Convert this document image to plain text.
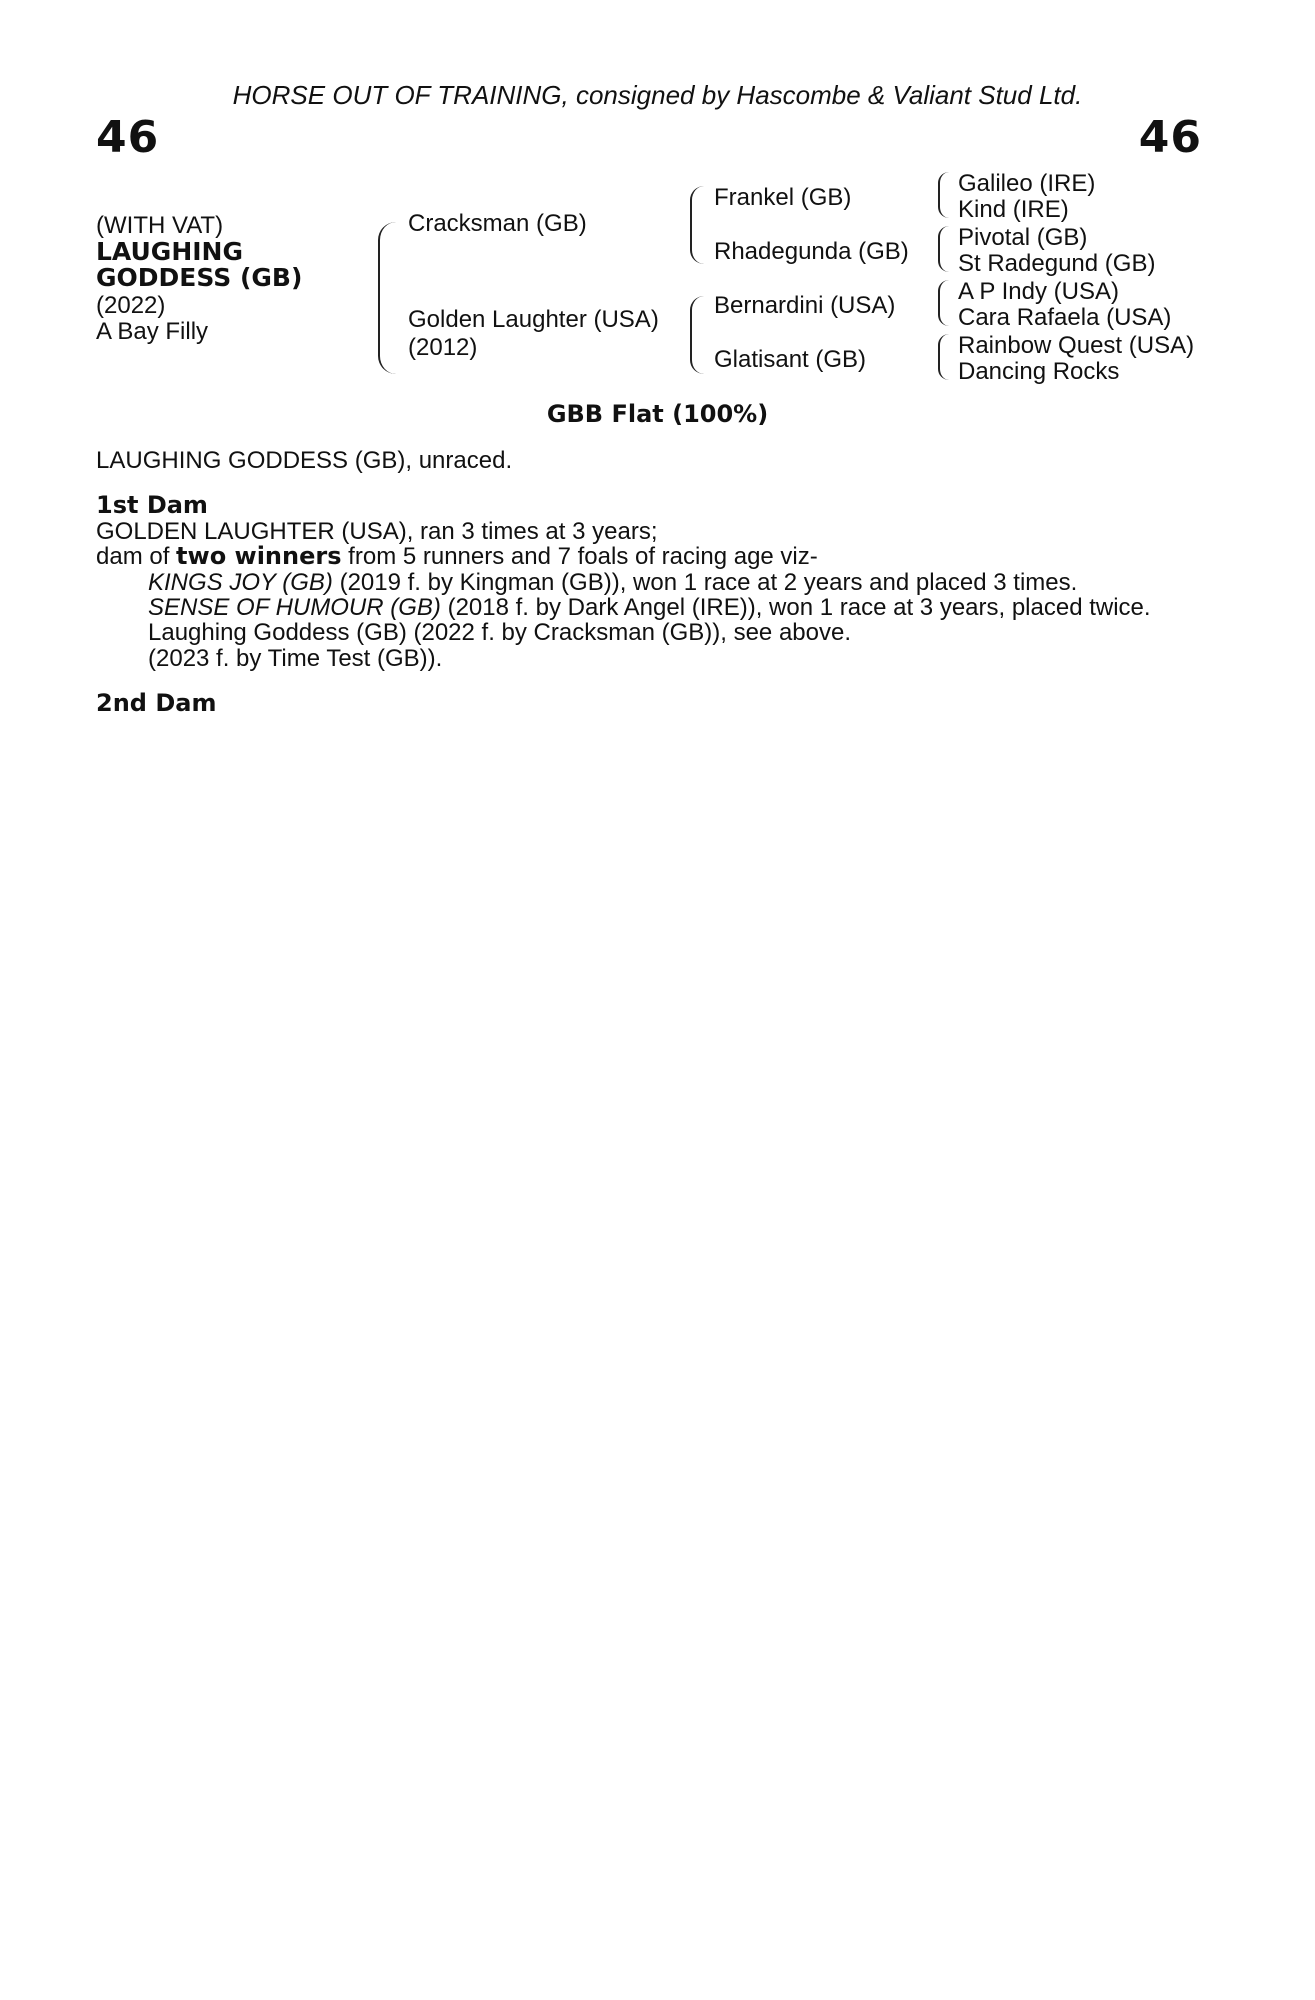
HORSE OUT OF TRAINING, consigned by Hascombe & Valiant Stud Ltd.
46	46
(WITH VAT)
LAUGHING
GODDESS (GB)
(2022)
A Bay Filly
Cracksman (GB)
Golden Laughter (USA)
(2012)
Frankel (GB)
Rhadegunda (GB)
Bernardini (USA)
Glatisant (GB)
Galileo (IRE)
Kind (IRE)
Pivotal (GB)
St Radegund (GB)
A P Indy (USA)
Cara Rafaela (USA)
Rainbow Quest (USA)
Dancing Rocks
GBB Flat (100%)

LAUGHING GODDESS (GB), unraced.

1st Dam

GOLDEN LAUGHTER (USA), ran 3 times at 3 years;

dam of two winners from 5 runners and 7 foals of racing age viz-

KINGS JOY (GB) (2019 f. by Kingman (GB)), won 1 race at 2 years and placed 3 times.

SENSE OF HUMOUR (GB) (2018 f. by Dark Angel (IRE)), won 1 race at 3 years, placed twice.

Laughing Goddess (GB) (2022 f. by Cracksman (GB)), see above.

(2023 f. by Time Test (GB)).

2nd Dam
